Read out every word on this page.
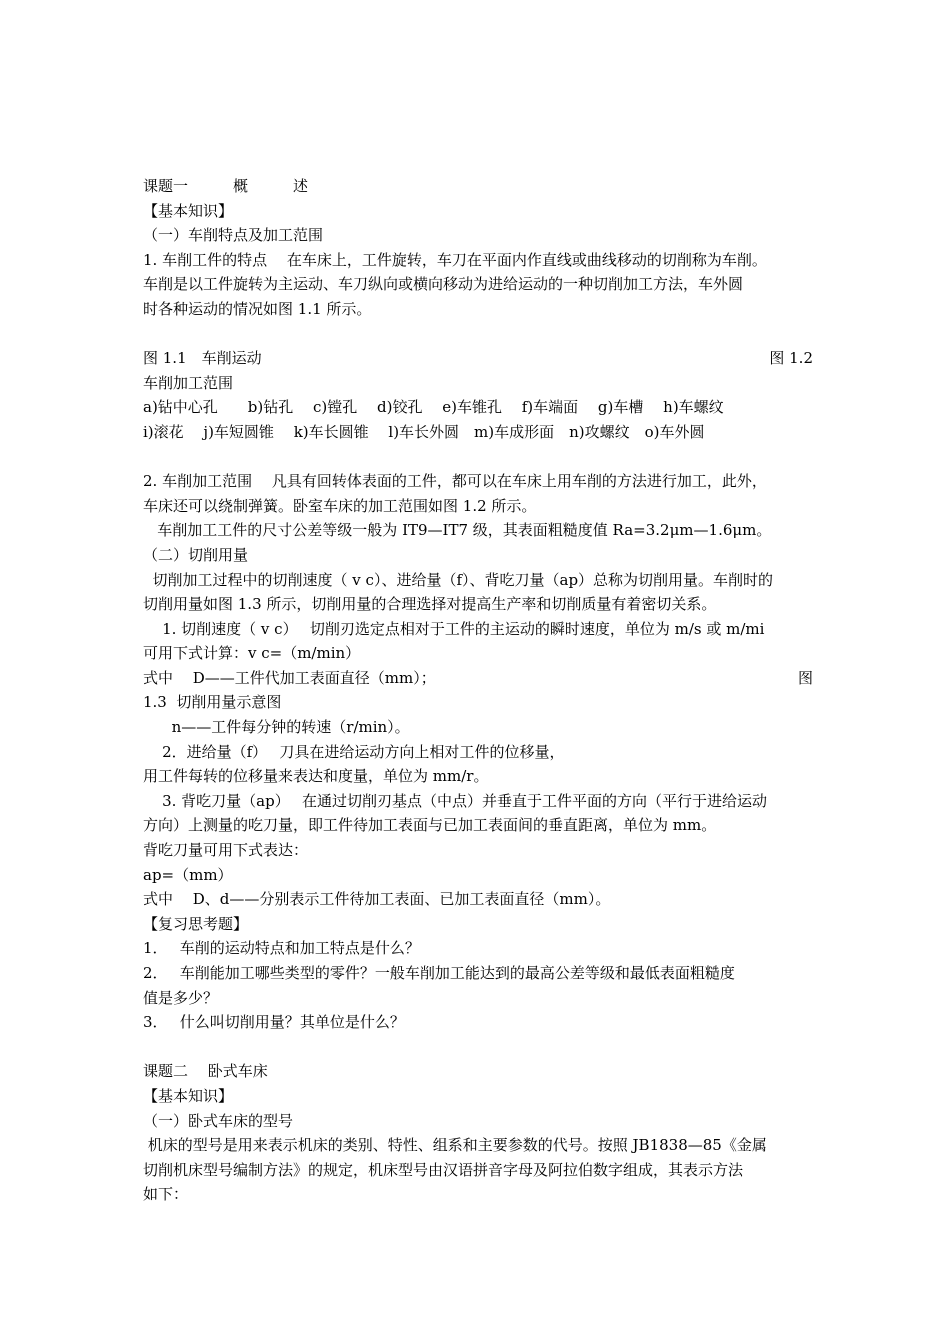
课题一　　　概　　　述
【基本知识】
（一）车削特点及加工范围
1. 车削工件的特点　 在车床上，工件旋转，车刀在平面内作直线或曲线移动的切削称为车削。
车削是以工件旋转为主运动、车刀纵向或横向移动为进给运动的一种切削加工方法，车外圆
时各种运动的情况如图 1.1 所示。
图 1.1　车削运动	图 1.2
车削加工范围
a)钻中心孔　　b)钻孔　 c)镗孔　 d)铰孔　 e)车锥孔　 f)车端面　 g)车槽　 h)车螺纹
i)滚花　 j)车短圆锥　 k)车长圆锥　 l)车长外圆　m)车成形面　n)攻螺纹　o)车外圆
2. 车削加工范围　 凡具有回转体表面的工件，都可以在车床上用车削的方法进行加工，此外，
车床还可以绕制弹簧。卧室车床的加工范围如图 1.2 所示。
车削加工工件的尺寸公差等级一般为 IT9—IT7 级，其表面粗糙度值 Ra=3.2μm—1.6μm。
（二）切削用量
切削加工过程中的切削速度（ v c）、进给量（f）、背吃刀量（ap）总称为切削用量。车削时的
切削用量如图 1.3 所示，切削用量的合理选择对提高生产率和切削质量有着密切关系。
1. 切削速度（ v c）　 切削刃选定点相对于工件的主运动的瞬时速度，单位为 m/s 或 m/mi
可用下式计算：v c=（m/min）
式中　 D——工件代加工表面直径（mm）；	图
1.3  切削用量示意图
n——工件每分钟的转速（r/min）。
2．进给量（f）　 刀具在进给运动方向上相对工件的位移量，
用工件每转的位移量来表达和度量，单位为 mm/r。
3. 背吃刀量（ap）　 在通过切削刃基点（中点）并垂直于工件平面的方向（平行于进给运动
方向）上测量的吃刀量，即工件待加工表面与已加工表面间的垂直距离，单位为 mm。
背吃刀量可用下式表达：
ap=（mm）
式中　 D、d——分别表示工件待加工表面、已加工表面直径（mm）。
【复习思考题】
1．　 车削的运动特点和加工特点是什么？
2．　 车削能加工哪些类型的零件？一般车削加工能达到的最高公差等级和最低表面粗糙度
值是多少？
3．　 什么叫切削用量？其单位是什么？
课题二　 卧式车床
【基本知识】
（一）卧式车床的型号
机床的型号是用来表示机床的类别、特性、组系和主要参数的代号。按照 JB1838—85《金属
切削机床型号编制方法》的规定，机床型号由汉语拼音字母及阿拉伯数字组成，其表示方法
如下：
